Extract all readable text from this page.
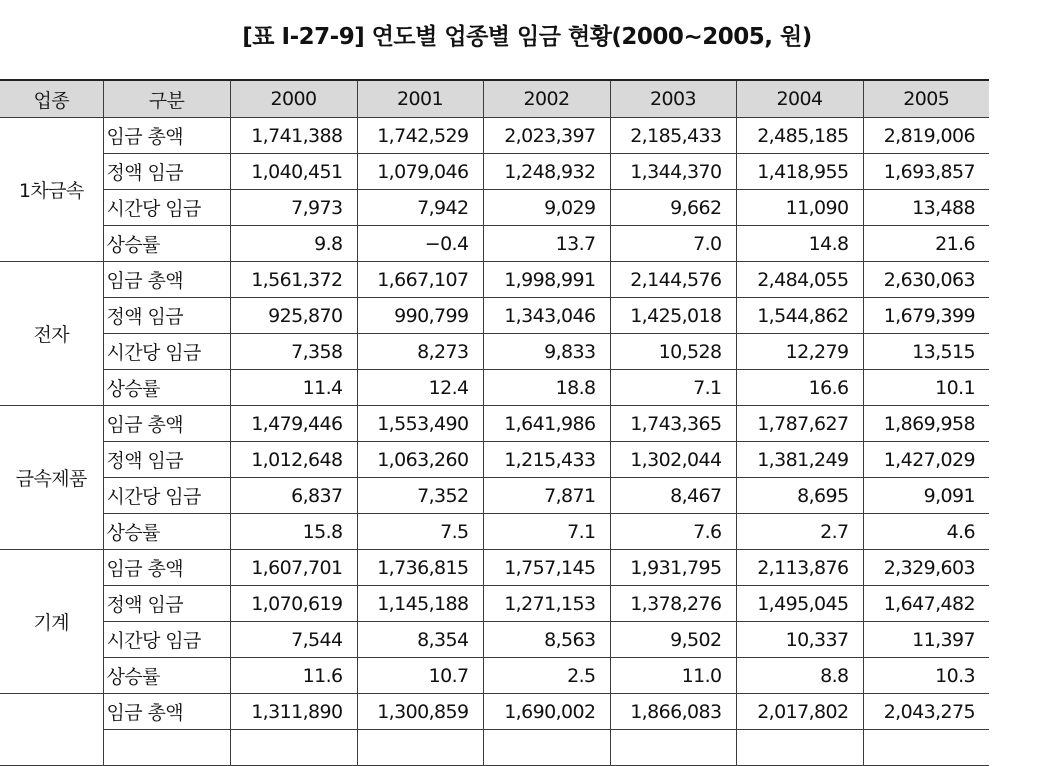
[표 Ⅰ-27-9] 연도별 업종별 임금 현황(2000~2005, 원)
업종	구분	2000	2001	2002	2003	2004	2005
1차금속	임금 총액	1,741,388	1,742,529	2,023,397	2,185,433	2,485,185	2,819,006
	정액 임금	1,040,451	1,079,046	1,248,932	1,344,370	1,418,955	1,693,857
	시간당 임금	7,973	7,942	9,029	9,662	11,090	13,488
	상승률	9.8	−0.4	13.7	7.0	14.8	21.6
전자	임금 총액	1,561,372	1,667,107	1,998,991	2,144,576	2,484,055	2,630,063
	정액 임금	925,870	990,799	1,343,046	1,425,018	1,544,862	1,679,399
	시간당 임금	7,358	8,273	9,833	10,528	12,279	13,515
	상승률	11.4	12.4	18.8	7.1	16.6	10.1
금속제품	임금 총액	1,479,446	1,553,490	1,641,986	1,743,365	1,787,627	1,869,958
	정액 임금	1,012,648	1,063,260	1,215,433	1,302,044	1,381,249	1,427,029
	시간당 임금	6,837	7,352	7,871	8,467	8,695	9,091
	상승률	15.8	7.5	7.1	7.6	2.7	4.6
기계	임금 총액	1,607,701	1,736,815	1,757,145	1,931,795	2,113,876	2,329,603
	정액 임금	1,070,619	1,145,188	1,271,153	1,378,276	1,495,045	1,647,482
	시간당 임금	7,544	8,354	8,563	9,502	10,337	11,397
	상승률	11.6	10.7	2.5	11.0	8.8	10.3
	임금 총액	1,311,890	1,300,859	1,690,002	1,866,083	2,017,802	2,043,275
